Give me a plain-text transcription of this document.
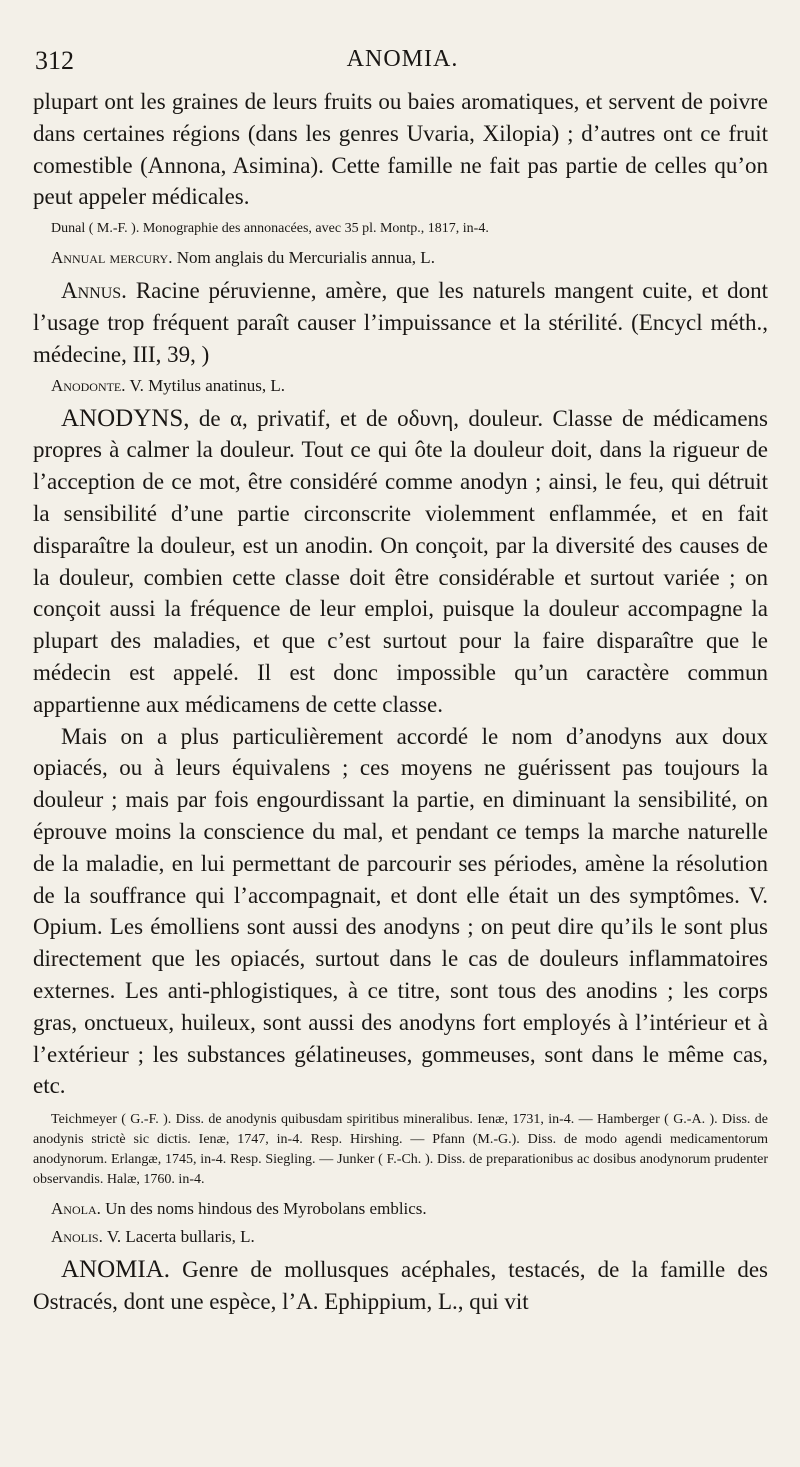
312	ANOMIA.

plupart ont les graines de leurs fruits ou baies aromatiques, et servent de poivre dans certaines régions (dans les genres Uvaria, Xilopia) ; d’autres ont ce fruit comestible (Annona, Asimina). Cette famille ne fait pas partie de celles qu’on peut appeler médicales.

Dunal ( M.-F. ). Monographie des annonacées, avec 35 pl. Montp., 1817, in-4.

Annual mercury. Nom anglais du Mercurialis annua, L.

Annus. Racine péruvienne, amère, que les naturels mangent cuite, et dont l’usage trop fréquent paraît causer l’impuissance et la stérilité. (Encycl méth., médecine, III, 39, )

Anodonte. V. Mytilus anatinus, L.

ANODYNS, de α, privatif, et de οδυνη, douleur. Classe de médicamens propres à calmer la douleur. Tout ce qui ôte la douleur doit, dans la rigueur de l’acception de ce mot, être considéré comme anodyn ; ainsi, le feu, qui détruit la sensibilité d’une partie circonscrite violemment enflammée, et en fait disparaître la douleur, est un anodin. On conçoit, par la diversité des causes de la douleur, combien cette classe doit être considérable et surtout variée ; on conçoit aussi la fréquence de leur emploi, puisque la douleur accompagne la plupart des maladies, et que c’est surtout pour la faire disparaître que le médecin est appelé. Il est donc impossible qu’un caractère commun appartienne aux médicamens de cette classe.

Mais on a plus particulièrement accordé le nom d’anodyns aux doux opiacés, ou à leurs équivalens ; ces moyens ne guérissent pas toujours la douleur ; mais par fois engourdissant la partie, en diminuant la sensibilité, on éprouve moins la conscience du mal, et pendant ce temps la marche naturelle de la maladie, en lui permettant de parcourir ses périodes, amène la résolution de la souffrance qui l’accompagnait, et dont elle était un des symptômes. V. Opium. Les émolliens sont aussi des anodyns ; on peut dire qu’ils le sont plus directement que les opiacés, surtout dans le cas de douleurs inflammatoires externes. Les anti-phlogistiques, à ce titre, sont tous des anodins ; les corps gras, onctueux, huileux, sont aussi des anodyns fort employés à l’intérieur et à l’extérieur ; les substances gélatineuses, gommeuses, sont dans le même cas, etc.

Teichmeyer ( G.-F. ). Diss. de anodynis quibusdam spiritibus mineralibus. Ienæ, 1731, in-4. — Hamberger ( G.-A. ). Diss. de anodynis strictè sic dictis. Ienæ, 1747, in-4. Resp. Hirshing. — Pfann (M.-G.). Diss. de modo agendi medicamentorum anodynorum. Erlangæ, 1745, in-4. Resp. Siegling. — Junker ( F.-Ch. ). Diss. de preparationibus ac dosibus anodynorum prudenter observandis. Halæ, 1760. in-4.

Anola. Un des noms hindous des Myrobolans emblics.

Anolis. V. Lacerta bullaris, L.

ANOMIA. Genre de mollusques acéphales, testacés, de la famille des Ostracés, dont une espèce, l’A. Ephippium, L., qui vit
